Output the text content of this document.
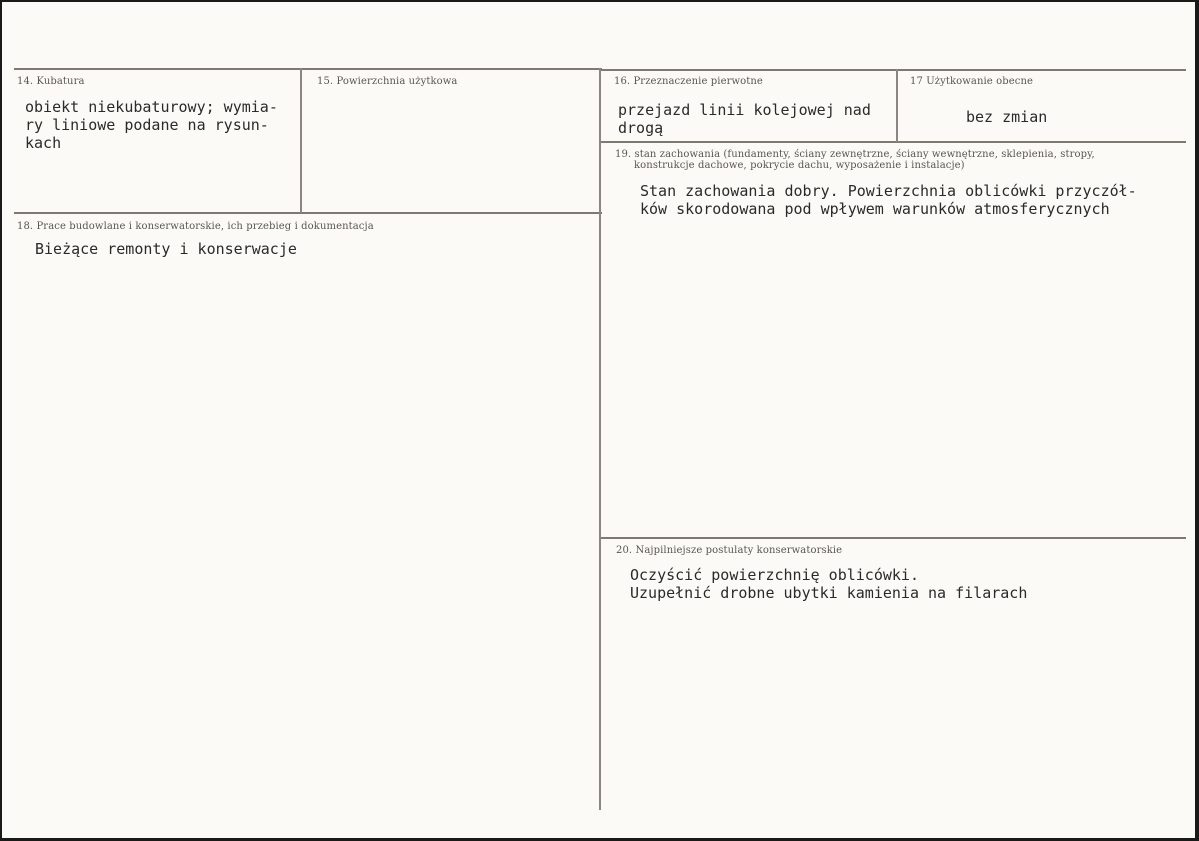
14. Kubatura
obiekt niekubaturowy; wymia-
ry liniowe podane na rysun-
kach
15. Powierzchnia użytkowa	16. Przeznaczenie pierwotne
przejazd linii kolejowej nad
drogą
17 Użytkowanie obecne
bez zmian
18. Prace budowlane i konserwatorskie, ich przebieg i dokumentacja
Bieżące remonty i konserwacje
19. stan zachowania (fundamenty, ściany zewnętrzne, ściany wewnętrzne, sklepienia, stropy,
konstrukcje dachowe, pokrycie dachu, wyposażenie i instalacje)
Stan zachowania dobry. Powierzchnia oblicówki przyczół-
ków skorodowana pod wpływem warunków atmosferycznych
20. Najpilniejsze postulaty konserwatorskie
Oczyścić powierzchnię oblicówki.
Uzupełnić drobne ubytki kamienia na filarach
